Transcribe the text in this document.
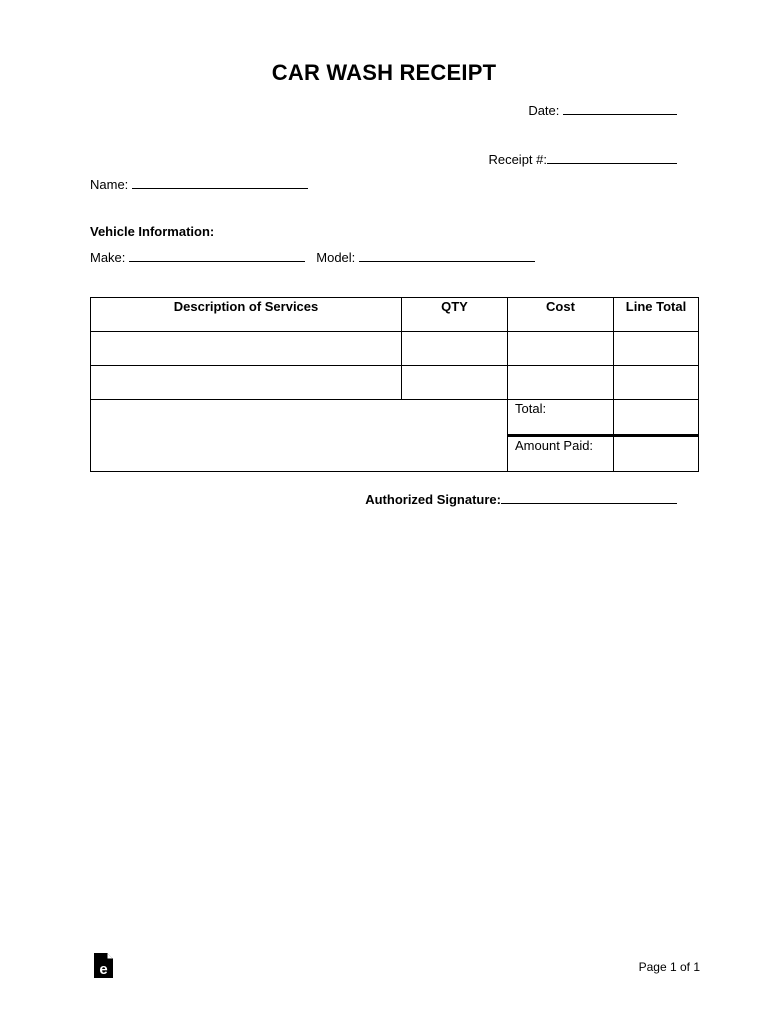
CAR WASH RECEIPT
Date:
Receipt #:
Name:
Vehicle Information:
Make:	Model:
Description of Services	QTY	Cost	Line Total

		Total:	
		Amount Paid:	
Authorized Signature:
e	Page 1 of 1
